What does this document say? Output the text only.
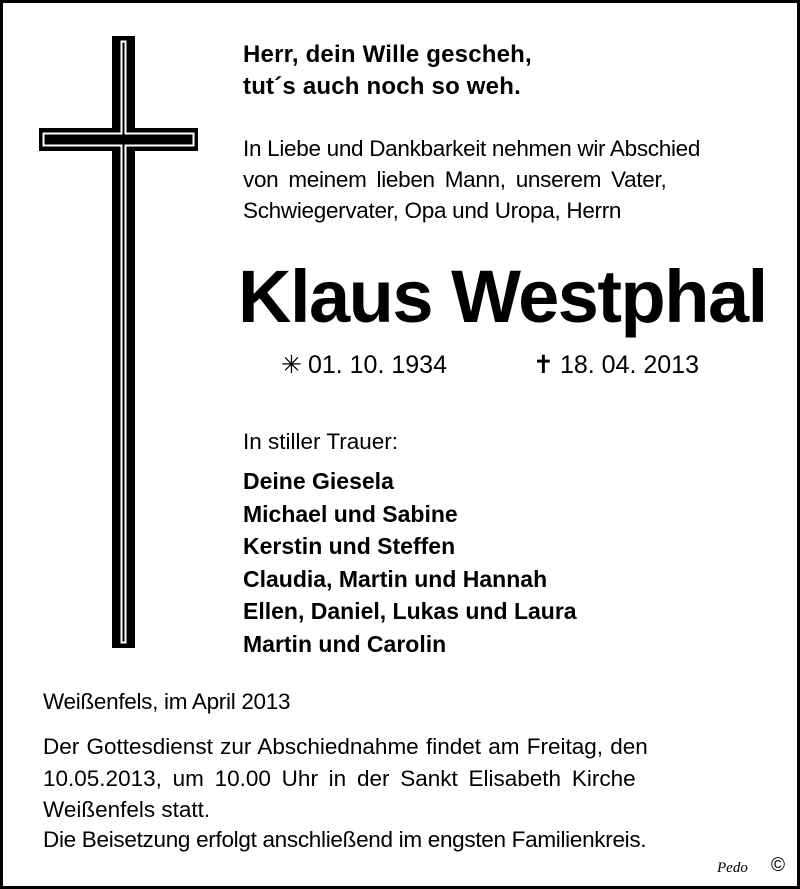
Herr, dein Wille gescheh,
tut´s auch noch so weh.

In Liebe und Dankbarkeit nehmen wir Abschied
von meinem lieben Mann, unserem Vater,
Schwiegervater, Opa und Uropa, Herrn

Klaus Westphal
✳ 01. 10. 1934	✝ 18. 04. 2013

In stiller Trauer:

Deine Giesela
Michael und Sabine
Kerstin und Steffen
Claudia, Martin und Hannah
Ellen, Daniel, Lukas und Laura
Martin und Carolin

Weißenfels, im April 2013

Der Gottesdienst zur Abschiednahme findet am Freitag, den
10.05.2013, um 10.00 Uhr in der Sankt Elisabeth Kirche
Weißenfels statt.

Die Beisetzung erfolgt anschließend im engsten Familienkreis.

Pedo ©
